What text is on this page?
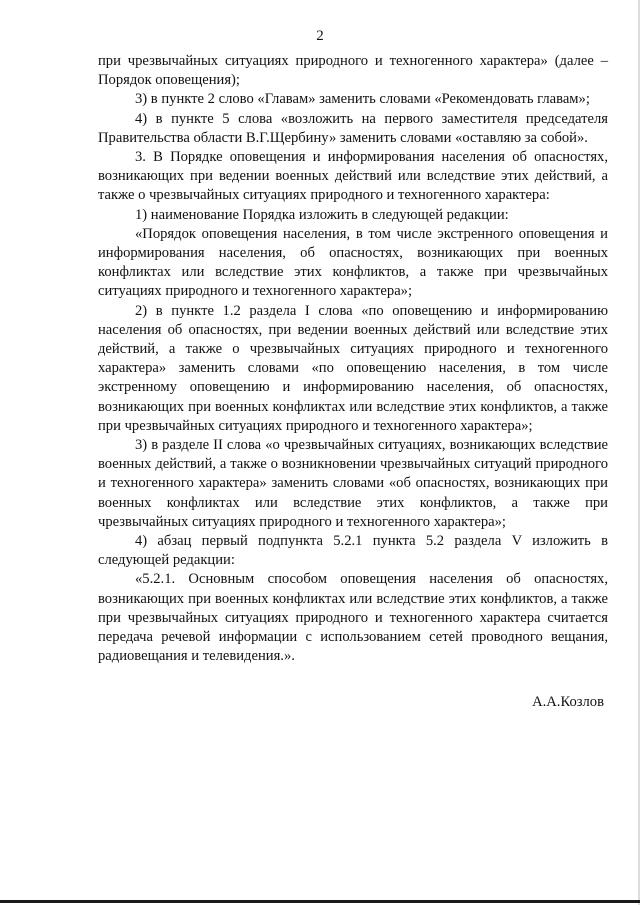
2

при чрезвычайных ситуациях природного и техногенного характера» (далее – Порядок оповещения);

3) в пункте 2 слово «Главам» заменить словами «Рекомендовать главам»;

4) в пункте 5 слова «возложить на первого заместителя председателя Правительства области В.Г.Щербину» заменить словами «оставляю за собой».

3. В Порядке оповещения и информирования населения об опасностях, возникающих при ведении военных действий или вследствие этих действий, а также о чрезвычайных ситуациях природного и техногенного характера:

1) наименование Порядка изложить в следующей редакции:

«Порядок оповещения населения, в том числе экстренного оповещения и информирования населения, об опасностях, возникающих при военных конфликтах или вследствие этих конфликтов, а также при чрезвычайных ситуациях природного и техногенного характера»;

2) в пункте 1.2 раздела I слова «по оповещению и информированию населения об опасностях, при ведении военных действий или вследствие этих действий, а также о чрезвычайных ситуациях природного и техногенного характера» заменить словами «по оповещению населения, в том числе экстренному оповещению и информированию населения, об опасностях, возникающих при военных конфликтах или вследствие этих конфликтов, а также при чрезвычайных ситуациях природного и техногенного характера»;

3) в разделе II слова «о чрезвычайных ситуациях, возникающих вследствие военных действий, а также о возникновении чрезвычайных ситуаций природного и техногенного характера» заменить словами «об опасностях, возникающих при военных конфликтах или вследствие этих конфликтов, а также при чрезвычайных ситуациях природного и техногенного характера»;

4) абзац первый подпункта 5.2.1 пункта 5.2 раздела V изложить в следующей редакции:

«5.2.1. Основным способом оповещения населения об опасностях, возникающих при военных конфликтах или вследствие этих конфликтов, а также при чрезвычайных ситуациях природного и техногенного характера считается передача речевой информации с использованием сетей проводного вещания, радиовещания и телевидения.».

А.А.Козлов
